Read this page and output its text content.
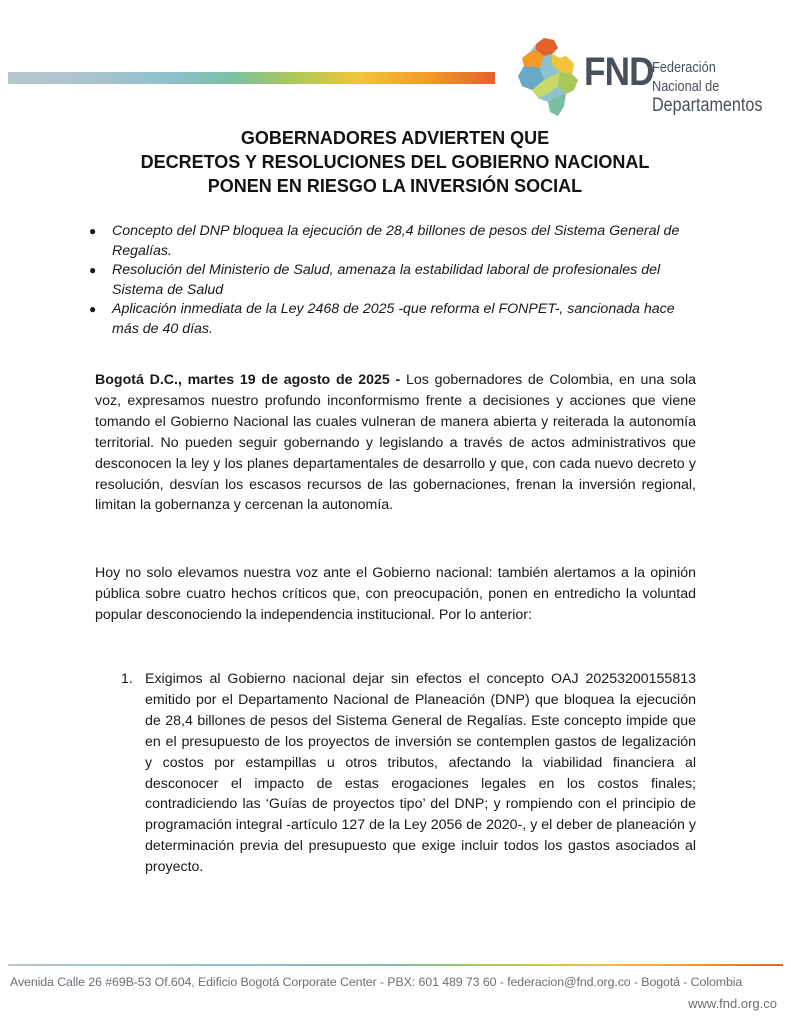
FND
Federación Nacional de
Departamentos
GOBERNADORES ADVIERTEN QUE
DECRETOS Y RESOLUCIONES DEL GOBIERNO NACIONAL
PONEN EN RIESGO LA INVERSIÓN SOCIAL
● Concepto del DNP bloquea la ejecución de 28,4 billones de pesos del Sistema General de Regalías.
● Resolución del Ministerio de Salud, amenaza la estabilidad laboral de profesionales del Sistema de Salud
● Aplicación inmediata de la Ley 2468 de 2025 -que reforma el FONPET-, sancionada hace más de 40 días.

Bogotá D.C., martes 19 de agosto de 2025 - Los gobernadores de Colombia, en una sola voz, expresamos nuestro profundo inconformismo frente a decisiones y acciones que viene tomando el Gobierno Nacional las cuales vulneran de manera abierta y reiterada la autonomía territorial. No pueden seguir gobernando y legislando a través de actos administrativos que desconocen la ley y los planes departamentales de desarrollo y que, con cada nuevo decreto y resolución, desvían los escasos recursos de las gobernaciones, frenan la inversión regional, limitan la gobernanza y cercenan la autonomía.

Hoy no solo elevamos nuestra voz ante el Gobierno nacional: también alertamos a la opinión pública sobre cuatro hechos críticos que, con preocupación, ponen en entredicho la voluntad popular desconociendo la independencia institucional. Por lo anterior:

1. Exigimos al Gobierno nacional dejar sin efectos el concepto OAJ 20253200155813 emitido por el Departamento Nacional de Planeación (DNP) que bloquea la ejecución de 28,4 billones de pesos del Sistema General de Regalías. Este concepto impide que en el presupuesto de los proyectos de inversión se contemplen gastos de legalización y costos por estampillas u otros tributos, afectando la viabilidad financiera al desconocer el impacto de estas erogaciones legales en los costos finales; contradiciendo las ‘Guías de proyectos tipo’ del DNP; y rompiendo con el principio de programación integral -artículo 127 de la Ley 2056 de 2020-, y el deber de planeación y determinación previa del presupuesto que exige incluir todos los gastos asociados al proyecto.
Avenida Calle 26 #69B-53 Of.604, Edificio Bogotá Corporate Center - PBX: 601 489 73 60 - federacion@fnd.org.co - Bogotá - Colombia
www.fnd.org.co
